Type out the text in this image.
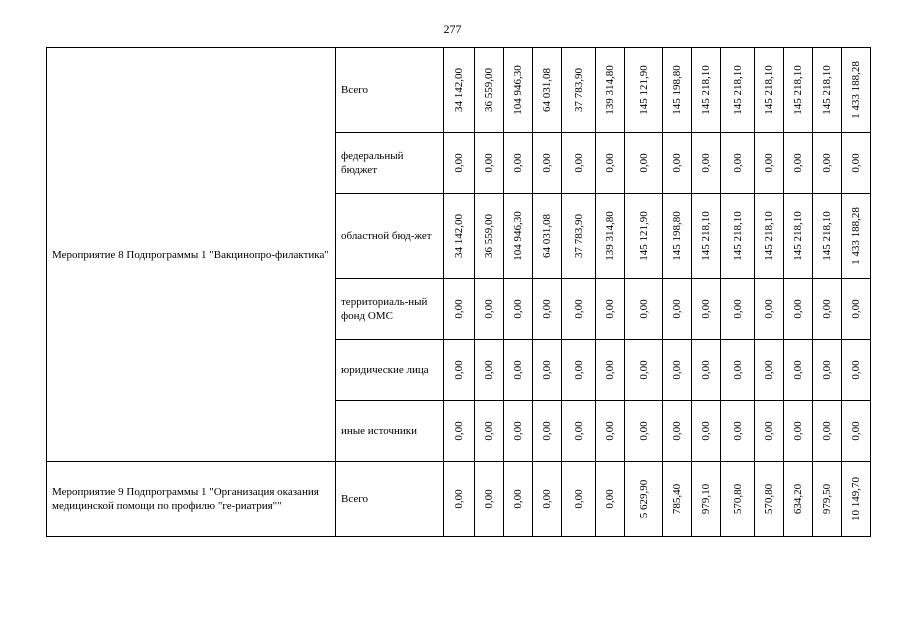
277
Мероприятие 8 Подпрограммы 1 "Вакцинопро-филактика"	Всего	34 142,00	36 559,00	104 946,30	64 031,08	37 783,90	139 314,80	145 121,90	145 198,80	145 218,10	145 218,10	145 218,10	145 218,10	145 218,10	1 433 188,28

	федеральный бюджет	0,00	0,00	0,00	0,00	0,00	0,00	0,00	0,00	0,00	0,00	0,00	0,00	0,00	0,00

	областной бюд-жет	34 142,00	36 559,00	104 946,30	64 031,08	37 783,90	139 314,80	145 121,90	145 198,80	145 218,10	145 218,10	145 218,10	145 218,10	145 218,10	1 433 188,28

	территориаль-ный фонд ОМС	0,00	0,00	0,00	0,00	0,00	0,00	0,00	0,00	0,00	0,00	0,00	0,00	0,00	0,00

	юридические лица	0,00	0,00	0,00	0,00	0,00	0,00	0,00	0,00	0,00	0,00	0,00	0,00	0,00	0,00

	иные источники	0,00	0,00	0,00	0,00	0,00	0,00	0,00	0,00	0,00	0,00	0,00	0,00	0,00	0,00

Мероприятие 9 Подпрограммы 1 "Организация оказания медицинской помощи по профилю "ге-риатрия""	Всего	0,00	0,00	0,00	0,00	0,00	0,00	5 629,90	785,40	979,10	570,80	570,80	634,20	979,50	10 149,70
